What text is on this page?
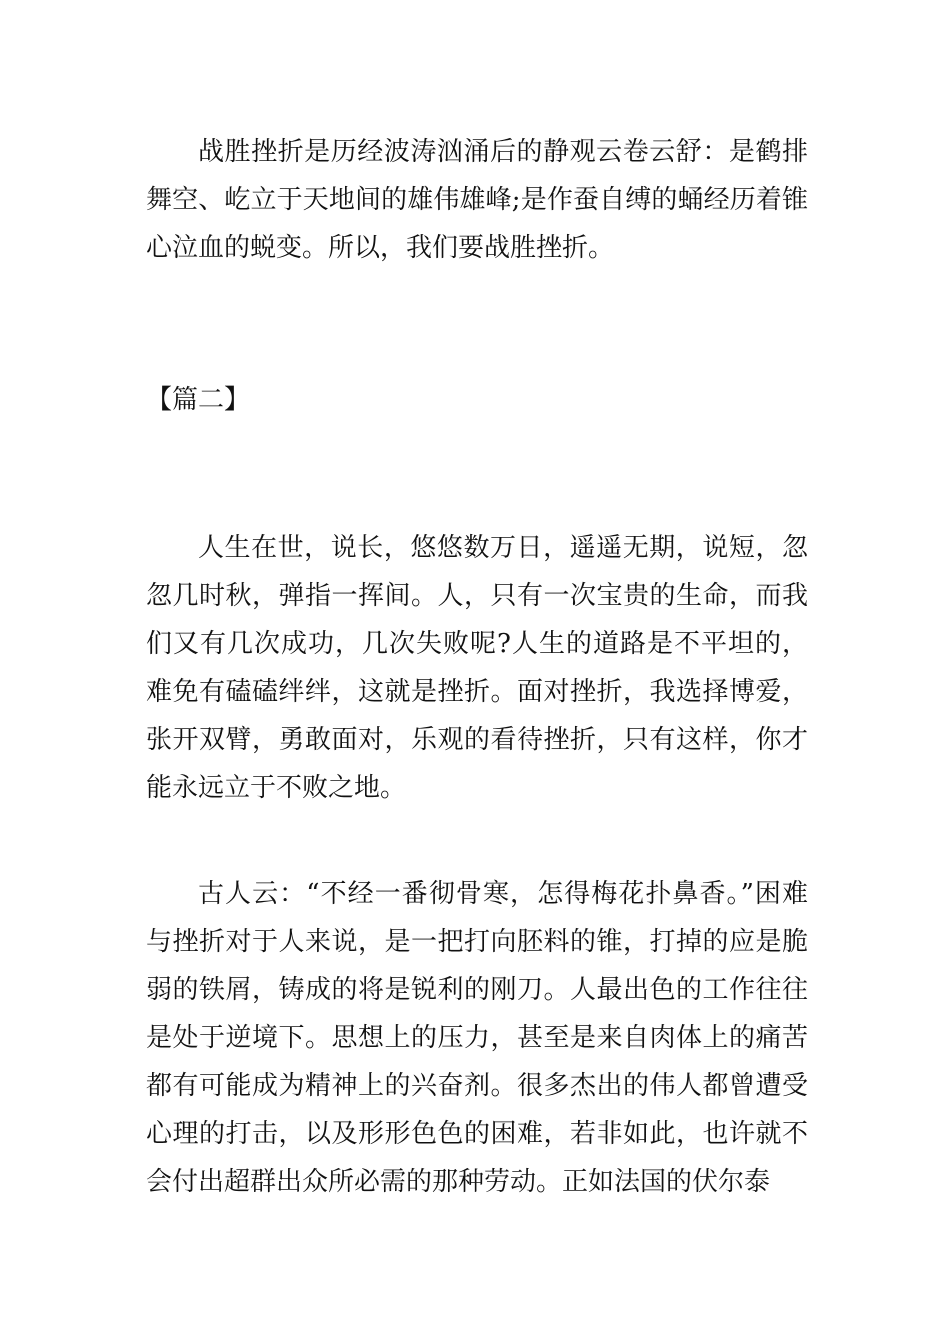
战胜挫折是历经波涛汹涌后的静观云卷云舒：是鹤排舞空、屹立于天地间的雄伟雄峰;是作蚕自缚的蛹经历着锥心泣血的蜕变。所以，我们要战胜挫折。

【篇二】

人生在世，说长，悠悠数万日，遥遥无期，说短，忽忽几时秋，弹指一挥间。人，只有一次宝贵的生命，而我们又有几次成功，几次失败呢?人生的道路是不平坦的，难免有磕磕绊绊，这就是挫折。面对挫折，我选择博爱，张开双臂，勇敢面对，乐观的看待挫折，只有这样，你才能永远立于不败之地。

古人云：“不经一番彻骨寒，怎得梅花扑鼻香。”困难与挫折对于人来说，是一把打向胚料的锥，打掉的应是脆弱的铁屑，铸成的将是锐利的刚刀。人最出色的工作往往是处于逆境下。思想上的压力，甚至是来自肉体上的痛苦都有可能成为精神上的兴奋剂。很多杰出的伟人都曾遭受心理的打击，以及形形色色的困难，若非如此，也许就不会付出超群出众所必需的那种劳动。正如法国的伏尔泰
